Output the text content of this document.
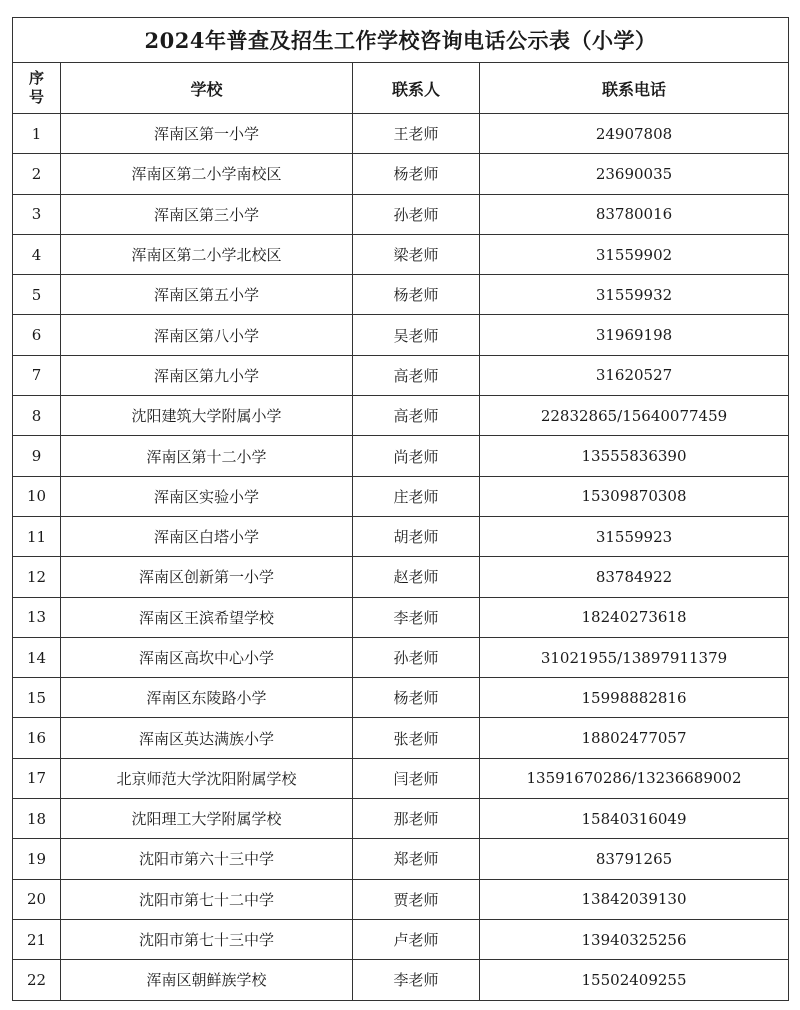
2024年普查及招生工作学校咨询电话公示表（小学）			
序
号	学校	联系人	联系电话
1	浑南区第一小学	王老师	24907808
2	浑南区第二小学南校区	杨老师	23690035
3	浑南区第三小学	孙老师	83780016
4	浑南区第二小学北校区	梁老师	31559902
5	浑南区第五小学	杨老师	31559932
6	浑南区第八小学	吴老师	31969198
7	浑南区第九小学	高老师	31620527
8	沈阳建筑大学附属小学	高老师	22832865/15640077459
9	浑南区第十二小学	尚老师	13555836390
10	浑南区实验小学	庄老师	15309870308
11	浑南区白塔小学	胡老师	31559923
12	浑南区创新第一小学	赵老师	83784922
13	浑南区王滨希望学校	李老师	18240273618
14	浑南区高坎中心小学	孙老师	31021955/13897911379
15	浑南区东陵路小学	杨老师	15998882816
16	浑南区英达满族小学	张老师	18802477057
17	北京师范大学沈阳附属学校	闫老师	13591670286/13236689002
18	沈阳理工大学附属学校	那老师	15840316049
19	沈阳市第六十三中学	郑老师	83791265
20	沈阳市第七十二中学	贾老师	13842039130
21	沈阳市第七十三中学	卢老师	13940325256
22	浑南区朝鲜族学校	李老师	15502409255
